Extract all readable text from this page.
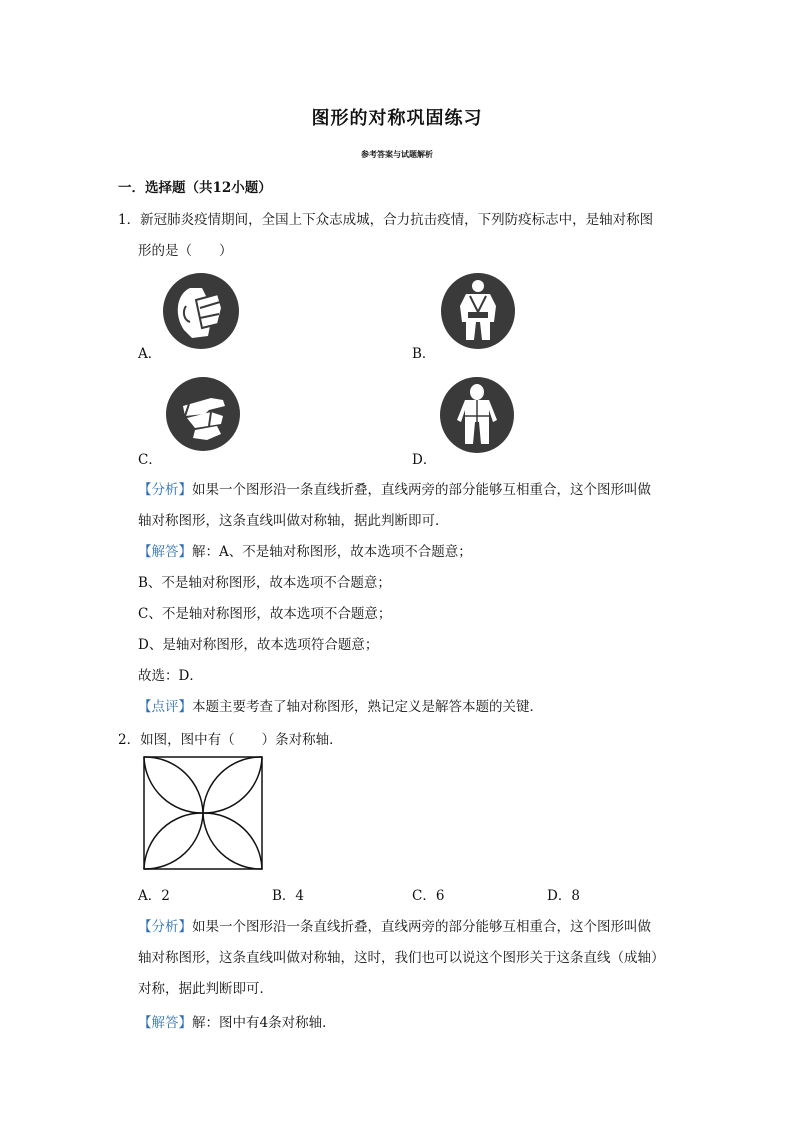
图形的对称巩固练习
参考答案与试题解析
一．选择题（共12小题）
1．新冠肺炎疫情期间，全国上下众志成城，合力抗击疫情，下列防疫标志中，是轴对称图
形的是（　　）
A．	B．
C．	D．
【分析】如果一个图形沿一条直线折叠，直线两旁的部分能够互相重合，这个图形叫做
轴对称图形，这条直线叫做对称轴，据此判断即可．
【解答】解：A、不是轴对称图形，故本选项不合题意；
B、不是轴对称图形，故本选项不合题意；
C、不是轴对称图形，故本选项不合题意；
D、是轴对称图形，故本选项符合题意；
故选：D．
【点评】本题主要考查了轴对称图形，熟记定义是解答本题的关键．
2．如图，图中有（　　）条对称轴．
A．2	B．4	C．6	D．8
【分析】如果一个图形沿一条直线折叠，直线两旁的部分能够互相重合，这个图形叫做
轴对称图形，这条直线叫做对称轴，这时，我们也可以说这个图形关于这条直线（成轴）
对称，据此判断即可．
【解答】解：图中有4条对称轴．
